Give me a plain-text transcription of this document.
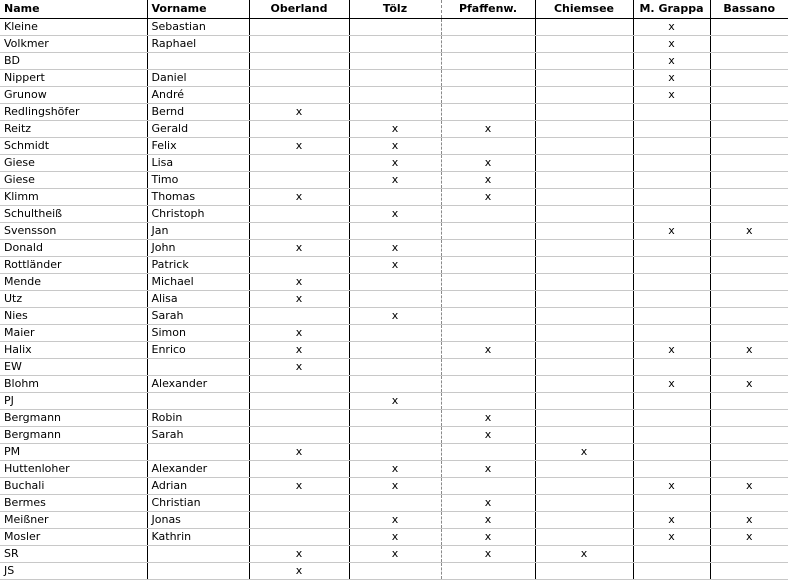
Name	Vorname	Oberland	Tölz	Pfaffenw.	Chiemsee	M. Grappa	Bassano
Kleine	Sebastian					x	
Volkmer	Raphael					x	
BD						x	
Nippert	Daniel					x	
Grunow	André					x	
Redlingshöfer	Bernd	x					
Reitz	Gerald		x	x			
Schmidt	Felix	x	x				
Giese	Lisa		x	x			
Giese	Timo		x	x			
Klimm	Thomas	x		x			
Schultheiß	Christoph		x				
Svensson	Jan					x	x
Donald	John	x	x				
Rottländer	Patrick		x				
Mende	Michael	x					
Utz	Alisa	x					
Nies	Sarah		x				
Maier	Simon	x					
Halix	Enrico	x		x		x	x
EW		x					
Blohm	Alexander					x	x
PJ			x				
Bergmann	Robin			x			
Bergmann	Sarah			x			
PM		x			x		
Huttenloher	Alexander		x	x			
Buchali	Adrian	x	x			x	x
Bermes	Christian			x			
Meißner	Jonas		x	x		x	x
Mosler	Kathrin		x	x		x	x
SR		x	x	x	x		
JS		x					
